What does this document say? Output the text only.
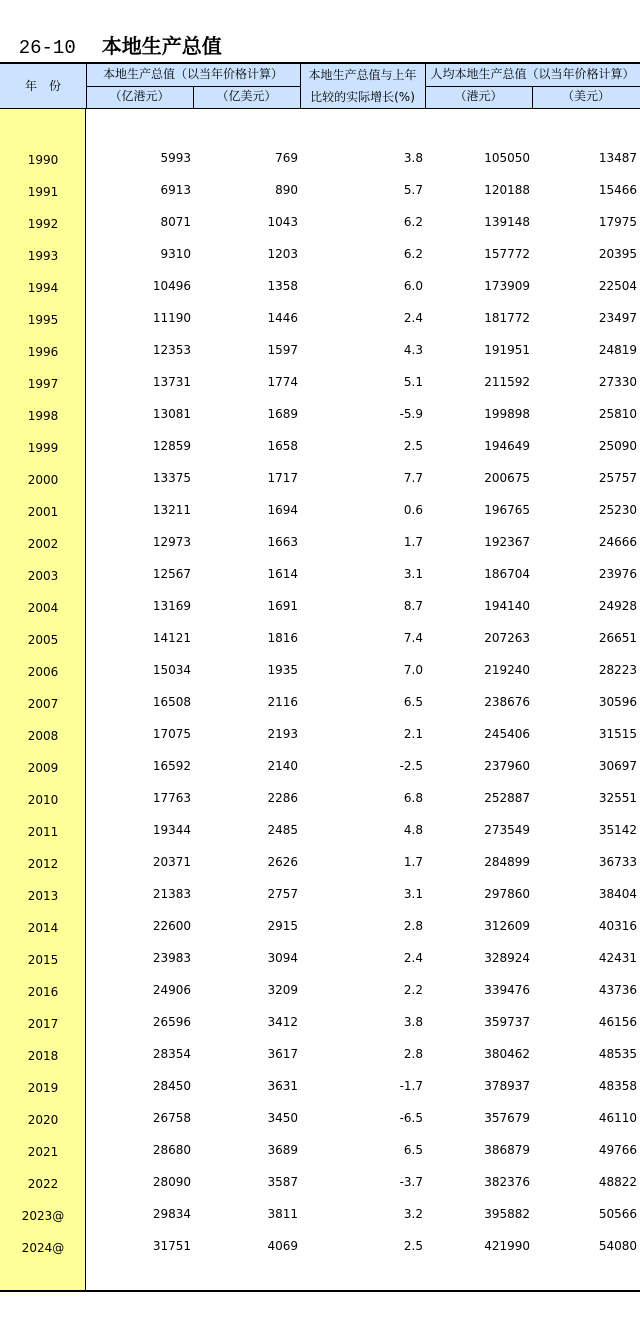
26-10 本地生产总值

年　份
本地生产总值（以当年价格计算）
（亿港元）	（亿美元）
本地生产总值与上年
比较的实际增长(%)
人均本地生产总值（以当年价格计算）
（港元）	（美元）
1990	5993	769	3.8	105050	13487
1991	6913	890	5.7	120188	15466
1992	8071	1043	6.2	139148	17975
1993	9310	1203	6.2	157772	20395
1994	10496	1358	6.0	173909	22504
1995	11190	1446	2.4	181772	23497
1996	12353	1597	4.3	191951	24819
1997	13731	1774	5.1	211592	27330
1998	13081	1689	-5.9	199898	25810
1999	12859	1658	2.5	194649	25090
2000	13375	1717	7.7	200675	25757
2001	13211	1694	0.6	196765	25230
2002	12973	1663	1.7	192367	24666
2003	12567	1614	3.1	186704	23976
2004	13169	1691	8.7	194140	24928
2005	14121	1816	7.4	207263	26651
2006	15034	1935	7.0	219240	28223
2007	16508	2116	6.5	238676	30596
2008	17075	2193	2.1	245406	31515
2009	16592	2140	-2.5	237960	30697
2010	17763	2286	6.8	252887	32551
2011	19344	2485	4.8	273549	35142
2012	20371	2626	1.7	284899	36733
2013	21383	2757	3.1	297860	38404
2014	22600	2915	2.8	312609	40316
2015	23983	3094	2.4	328924	42431
2016	24906	3209	2.2	339476	43736
2017	26596	3412	3.8	359737	46156
2018	28354	3617	2.8	380462	48535
2019	28450	3631	-1.7	378937	48358
2020	26758	3450	-6.5	357679	46110
2021	28680	3689	6.5	386879	49766
2022	28090	3587	-3.7	382376	48822
2023@	29834	3811	3.2	395882	50566
2024@	31751	4069	2.5	421990	54080
